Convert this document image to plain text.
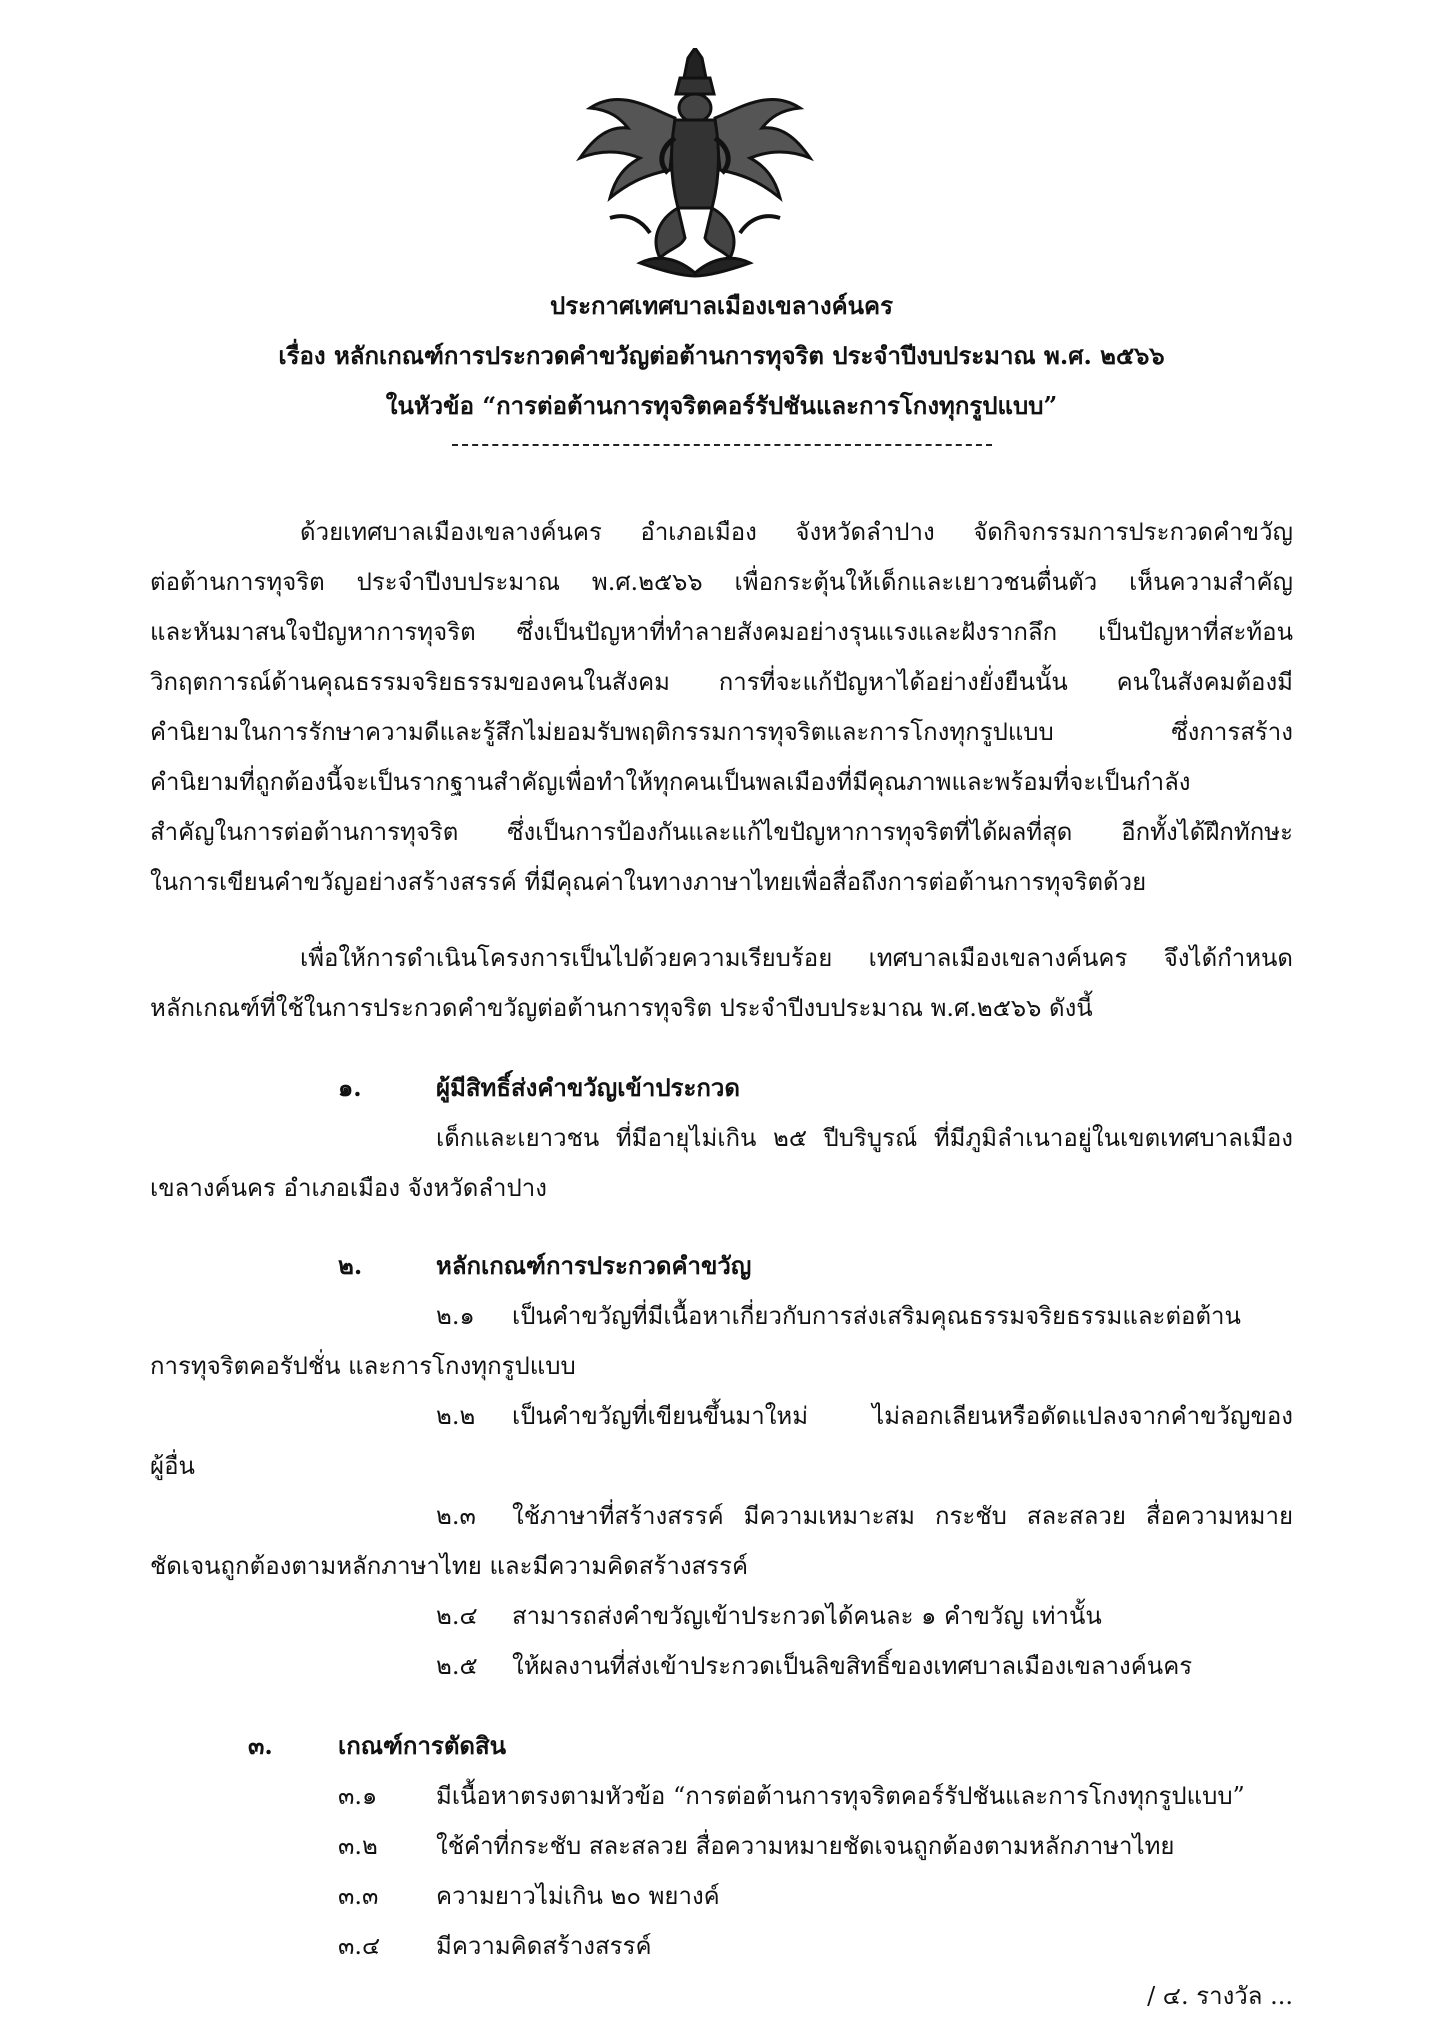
ประกาศเทศบาลเมืองเขลางค์นคร
เรื่อง หลักเกณฑ์การประกวดคำขวัญต่อต้านการทุจริต ประจำปีงบประมาณ พ.ศ. ๒๕๖๖
ในหัวข้อ “การต่อต้านการทุจริตคอร์รัปชันและการโกงทุกรูปแบบ”
ด้วยเทศบาลเมืองเขลางค์นคร อำเภอเมือง จังหวัดลำปาง จัดกิจกรรมการประกวดคำขวัญ
ต่อต้านการทุจริต ประจำปีงบประมาณ พ.ศ.๒๕๖๖ เพื่อกระตุ้นให้เด็กและเยาวชนตื่นตัว เห็นความสำคัญ
และหันมาสนใจปัญหาการทุจริต ซึ่งเป็นปัญหาที่ทำลายสังคมอย่างรุนแรงและฝังรากลึก เป็นปัญหาที่สะท้อน
วิกฤตการณ์ด้านคุณธรรมจริยธรรมของคนในสังคม การที่จะแก้ปัญหาได้อย่างยั่งยืนนั้น คนในสังคมต้องมี
คำนิยามในการรักษาความดีและรู้สึกไม่ยอมรับพฤติกรรมการทุจริตและการโกงทุกรูปแบบ ซึ่งการสร้าง
คำนิยามที่ถูกต้องนี้จะเป็นรากฐานสำคัญเพื่อทำให้ทุกคนเป็นพลเมืองที่มีคุณภาพและพร้อมที่จะเป็นกำลัง
สำคัญในการต่อต้านการทุจริต ซึ่งเป็นการป้องกันและแก้ไขปัญหาการทุจริตที่ได้ผลที่สุด อีกทั้งได้ฝึกทักษะ
ในการเขียนคำขวัญอย่างสร้างสรรค์ ที่มีคุณค่าในทางภาษาไทยเพื่อสื่อถึงการต่อต้านการทุจริตด้วย
เพื่อให้การดำเนินโครงการเป็นไปด้วยความเรียบร้อย เทศบาลเมืองเขลางค์นคร จึงได้กำหนด
หลักเกณฑ์ที่ใช้ในการประกวดคำขวัญต่อต้านการทุจริต ประจำปีงบประมาณ พ.ศ.๒๕๖๖ ดังนี้
๑.	ผู้มีสิทธิ์ส่งคำขวัญเข้าประกวด
เด็กและเยาวชน ที่มีอายุไม่เกิน ๒๕ ปีบริบูรณ์ ที่มีภูมิลำเนาอยู่ในเขตเทศบาลเมือง
เขลางค์นคร อำเภอเมือง จังหวัดลำปาง
๒.	หลักเกณฑ์การประกวดคำขวัญ
๒.๑ เป็นคำขวัญที่มีเนื้อหาเกี่ยวกับการส่งเสริมคุณธรรมจริยธรรมและต่อต้าน
การทุจริตคอรัปชั่น และการโกงทุกรูปแบบ
๒.๒ เป็นคำขวัญที่เขียนขึ้นมาใหม่ ไม่ลอกเลียนหรือดัดแปลงจากคำขวัญของ
ผู้อื่น
๒.๓ ใช้ภาษาที่สร้างสรรค์ มีความเหมาะสม กระชับ สละสลวย สื่อความหมาย
ชัดเจนถูกต้องตามหลักภาษาไทย และมีความคิดสร้างสรรค์
๒.๔ สามารถส่งคำขวัญเข้าประกวดได้คนละ ๑ คำขวัญ เท่านั้น
๒.๕ ให้ผลงานที่ส่งเข้าประกวดเป็นลิขสิทธิ์ของเทศบาลเมืองเขลางค์นคร
๓.	เกณฑ์การตัดสิน
๓.๑ มีเนื้อหาตรงตามหัวข้อ “การต่อต้านการทุจริตคอร์รัปชันและการโกงทุกรูปแบบ”
๓.๒ ใช้คำที่กระชับ สละสลวย สื่อความหมายชัดเจนถูกต้องตามหลักภาษาไทย
๓.๓ ความยาวไม่เกิน ๒๐ พยางค์
๓.๔ มีความคิดสร้างสรรค์
/ ๔. รางวัล ...
